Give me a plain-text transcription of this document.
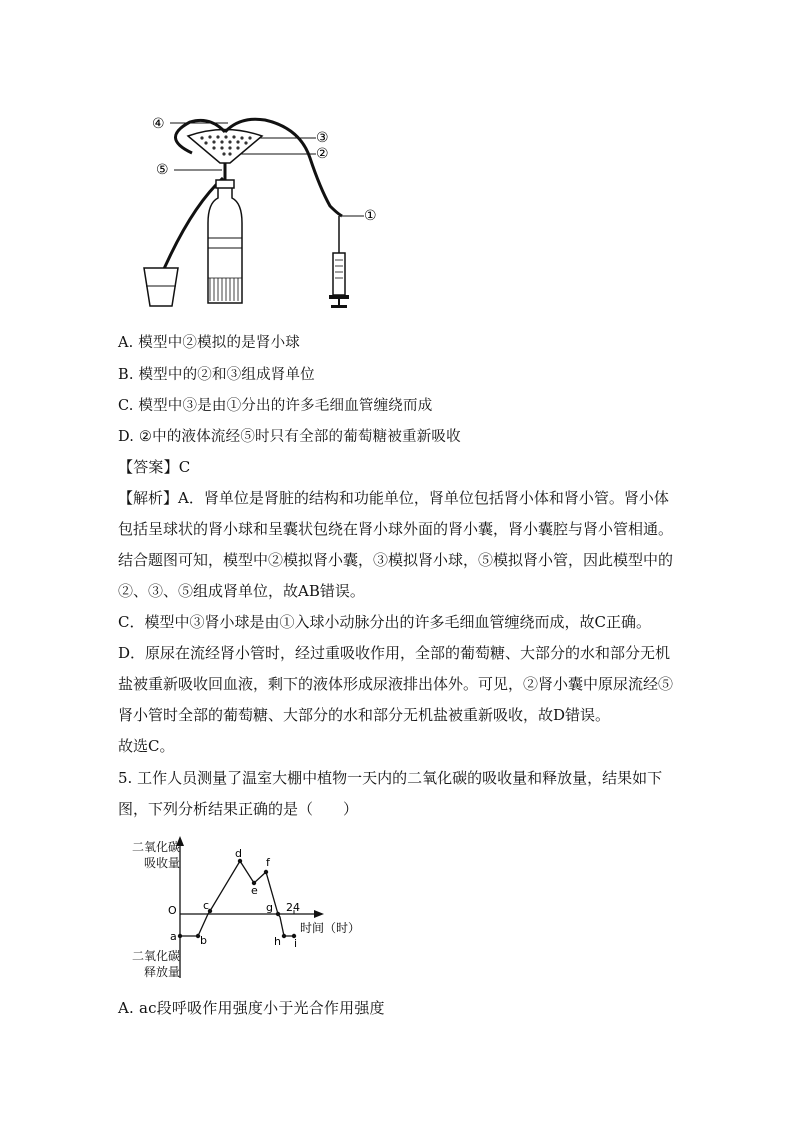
④
③
②
⑤
①
A. 模型中②模拟的是肾小球
B. 模型中的②和③组成肾单位
C. 模型中③是由①分出的许多毛细血管缠绕而成
D. ②中的液体流经⑤时只有全部的葡萄糖被重新吸收
【答案】C
【解析】A．肾单位是肾脏的结构和功能单位，肾单位包括肾小体和肾小管。肾小体包括呈球状的肾小球和呈囊状包绕在肾小球外面的肾小囊，肾小囊腔与肾小管相通。结合题图可知，模型中②模拟肾小囊，③模拟肾小球，⑤模拟肾小管，因此模型中的②、③、⑤组成肾单位，故AB错误。
C．模型中③肾小球是由①入球小动脉分出的许多毛细血管缠绕而成，故C正确。
D．原尿在流经肾小管时，经过重吸收作用，全部的葡萄糖、大部分的水和部分无机盐被重新吸收回血液，剩下的液体形成尿液排出体外。可见，②肾小囊中原尿流经⑤肾小管时全部的葡萄糖、大部分的水和部分无机盐被重新吸收，故D错误。
故选C。
5. 工作人员测量了温室大棚中植物一天内的二氧化碳的吸收量和释放量，结果如下图，下列分析结果正确的是（　　）
a b
c
d
e
f
g
h i
O	24
时间（时）
二氧化碳吸收量
二氧化碳释放量
A. ac段呼吸作用强度小于光合作用强度
